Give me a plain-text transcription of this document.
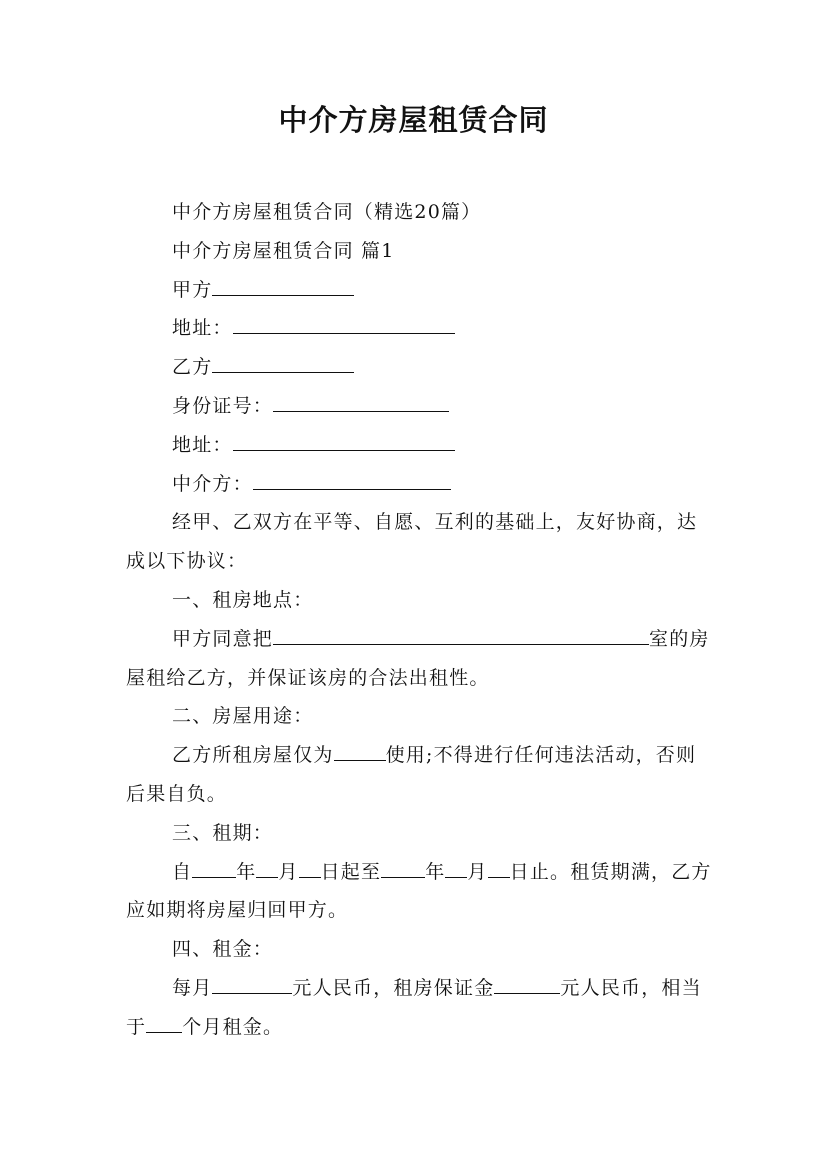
中介方房屋租赁合同

中介方房屋租赁合同（精选20篇）

中介方房屋租赁合同 篇1

甲方

地址：

乙方

身份证号：

地址：

中介方：

经甲、乙双方在平等、自愿、互利的基础上，友好协商，达成以下协议：

一、租房地点：

甲方同意把	室的房屋租给乙方，并保证该房的合法出租性。

二、房屋用途：

乙方所租房屋仅为	使用;不得进行任何违法活动，否则后果自负。

三、租期：

自 年 月 日起至 年 月 日止。租赁期满，乙方应如期将房屋归回甲方。

四、租金：

每月	元人民币，租房保证金	元人民币，相当于 个月租金。
